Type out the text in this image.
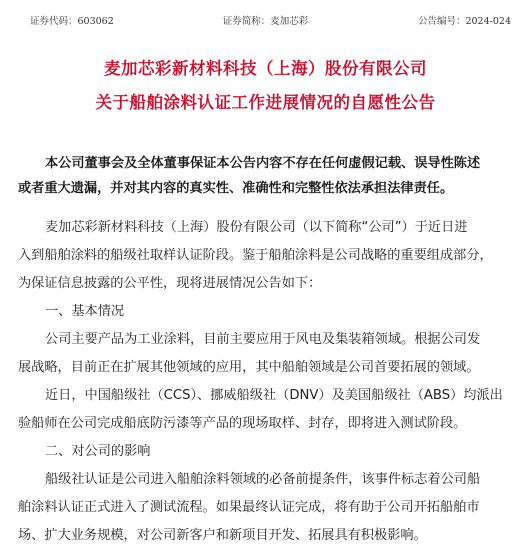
证券代码：603062	证券简称：麦加芯彩	公告编号：2024-024
麦加芯彩新材料科技（上海）股份有限公司
关于船舶涂料认证工作进展情况的自愿性公告
本公司董事会及全体董事保证本公告内容不存在任何虚假记载、误导性陈述
或者重大遗漏，并对其内容的真实性、准确性和完整性依法承担法律责任。
麦加芯彩新材料科技（上海）股份有限公司（以下简称“公司”）于近日进
入到船舶涂料的船级社取样认证阶段。鉴于船舶涂料是公司战略的重要组成部分，
为保证信息披露的公平性，现将进展情况公告如下：
一、基本情况
公司主要产品为工业涂料，目前主要应用于风电及集装箱领域。根据公司发
展战略，目前正在扩展其他领域的应用，其中船舶领域是公司首要拓展的领域。
近日，中国船级社（CCS）、挪威船级社（DNV）及美国船级社（ABS）均派出
验船师在公司完成船底防污漆等产品的现场取样、封存，即将进入测试阶段。
二、对公司的影响
船级社认证是公司进入船舶涂料领域的必备前提条件，该事件标志着公司船
舶涂料认证正式进入了测试流程。如果最终认证完成，将有助于公司开拓船舶市
场、扩大业务规模，对公司新客户和新项目开发、拓展具有积极影响。
